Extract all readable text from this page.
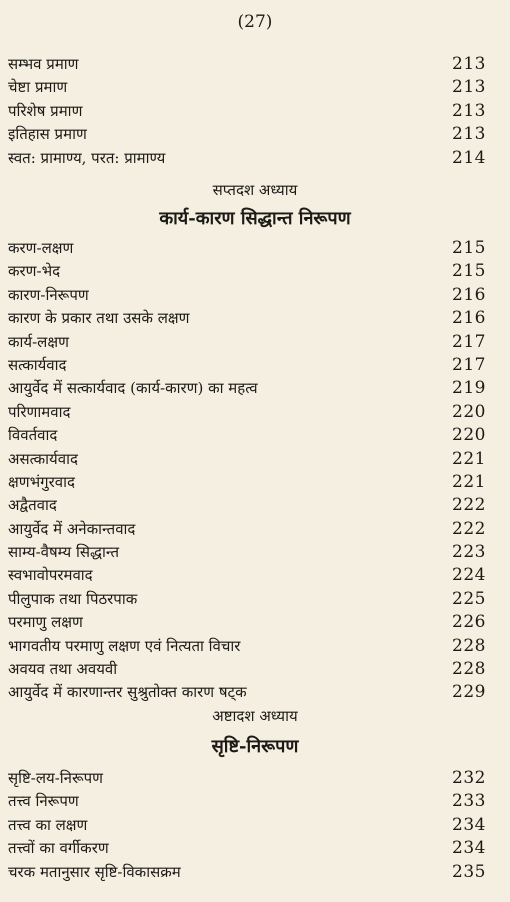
(27)
सम्भव प्रमाण	213
चेष्टा प्रमाण	213
परिशेष प्रमाण	213
इतिहास प्रमाण	213
स्वत: प्रामाण्य, परत: प्रामाण्य	214
सप्तदश अध्याय
कार्य-कारण सिद्धान्त निरूपण
करण-लक्षण	215
करण-भेद	215
कारण-निरूपण	216
कारण के प्रकार तथा उसके लक्षण	216
कार्य-लक्षण	217
सत्कार्यवाद	217
आयुर्वेद में सत्कार्यवाद (कार्य-कारण) का महत्व	219
परिणामवाद	220
विवर्तवाद	220
असत्कार्यवाद	221
क्षणभंगुरवाद	221
अद्वैतवाद	222
आयुर्वेद में अनेकान्तवाद	222
साम्य-वैषम्य सिद्धान्त	223
स्वभावोपरमवाद	224
पीलुपाक तथा पिठरपाक	225
परमाणु लक्षण	226
भागवतीय परमाणु लक्षण एवं नित्यता विचार	228
अवयव तथा अवयवी	228
आयुर्वेद में कारणान्तर सुश्रुतोक्त कारण षट्क	229
अष्टादश अध्याय
सृष्टि-निरूपण
सृष्टि-लय-निरूपण	232
तत्त्व निरूपण	233
तत्त्व का लक्षण	234
तत्त्वों का वर्गीकरण	234
चरक मतानुसार सृष्टि-विकासक्रम	235
